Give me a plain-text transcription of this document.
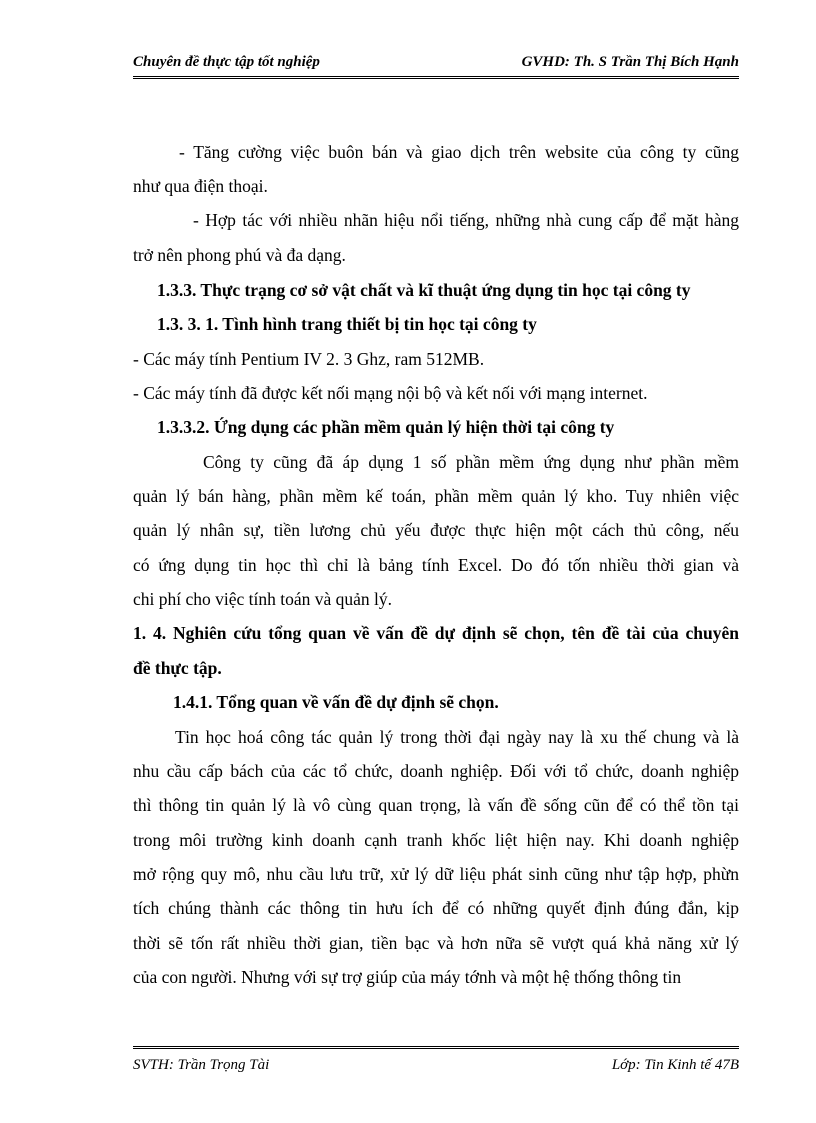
Chuyên đề thực tập tốt nghiệp	GVHD: Th. S Trần Thị Bích Hạnh
- Tăng cường việc buôn bán và giao dịch trên website của công ty cũng
như qua điện thoại.
- Hợp tác với nhiều nhãn hiệu nổi tiếng, những nhà cung cấp để mặt hàng
trở nên phong phú và đa dạng.
1.3.3. Thực trạng cơ sở vật chất và kĩ thuật ứng dụng tin học tại công ty
1.3. 3. 1. Tình hình trang thiết bị tin học tại công ty
- Các máy tính Pentium IV 2. 3 Ghz, ram 512MB.
- Các máy tính đã được kết nối mạng nội bộ và kết nối với mạng internet.
1.3.3.2. Ứng dụng các phần mềm quản lý hiện thời tại công ty
Công ty cũng đã áp dụng 1 số phần mềm ứng dụng như phần mềm
quản lý bán hàng, phần mềm kế toán, phần mềm quản lý kho. Tuy nhiên việc
quản lý nhân sự, tiền lương chủ yếu được thực hiện một cách thủ công, nếu
có ứng dụng tin học thì chỉ là bảng tính Excel. Do đó tốn nhiều thời gian và
chi phí cho việc tính toán và quản lý.
1. 4. Nghiên cứu tổng quan về vấn đề dự định sẽ chọn, tên đề tài của chuyên
đề thực tập.
1.4.1. Tổng quan về vấn đề dự định sẽ chọn.
Tin học hoá công tác quản lý trong thời đại ngày nay là xu thế chung và là
nhu cầu cấp bách của các tổ chức, doanh nghiệp. Đối với tổ chức, doanh nghiệp
thì thông tin quản lý là vô cùng quan trọng, là vấn đề sống cũn để có thể tồn tại
trong môi trường kinh doanh cạnh tranh khốc liệt hiện nay. Khi doanh nghiệp
mở rộng quy mô, nhu cầu lưu trữ, xử lý dữ liệu phát sinh cũng như tập hợp, phừn
tích chúng thành các thông tin hưu ích để có những quyết định đúng đắn, kịp
thời sẽ tốn rất nhiều thời gian, tiền bạc và hơn nữa sẽ vượt quá khả năng xử lý
của con người. Nhưng với sự trợ giúp của máy tớnh và một hệ thống thông tin
SVTH: Trần Trọng Tài	Lớp: Tin Kinh tế 47B
